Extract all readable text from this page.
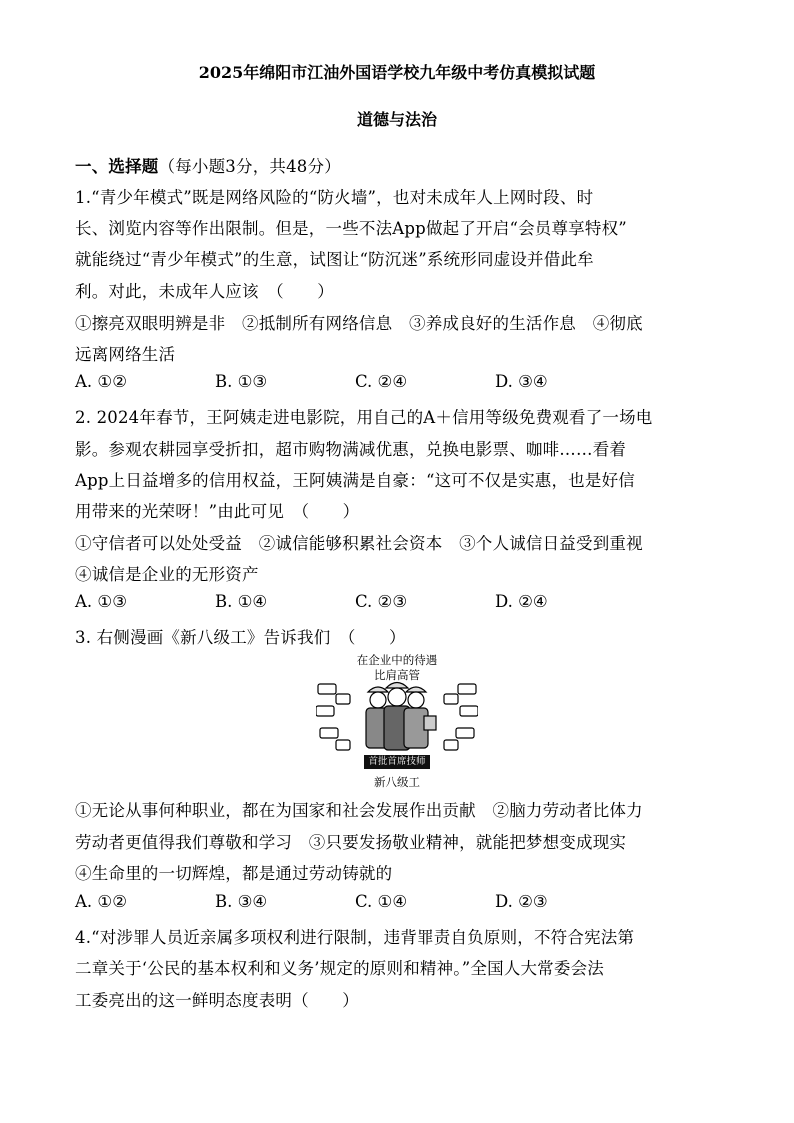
2025年绵阳市江油外国语学校九年级中考仿真模拟试题
道德与法治
一、选择题（每小题3分，共48分）
1.“青少年模式”既是网络风险的“防火墙”，也对未成年人上网时段、时
长、浏览内容等作出限制。但是，一些不法App做起了开启“会员尊享特权”
就能绕过“青少年模式”的生意，试图让“防沉迷”系统形同虚设并借此牟
利。对此，未成年人应该　（　　）
①擦亮双眼明辨是非　②抵制所有网络信息　③养成良好的生活作息　④彻底
远离网络生活
A. ①②	B. ①③	C. ②④	D. ③④
2. 2024年春节，王阿姨走进电影院，用自己的A＋信用等级免费观看了一场电
影。参观农耕园享受折扣，超市购物满减优惠，兑换电影票、咖啡……看着
App上日益增多的信用权益，王阿姨满是自豪：“这可不仅是实惠，也是好信
用带来的光荣呀！”由此可见　（　　）
①守信者可以处处受益　②诚信能够积累社会资本　③个人诚信日益受到重视
④诚信是企业的无形资产
A. ①③	B. ①④	C. ②③	D. ②④
3. 右侧漫画《新八级工》告诉我们　（　　）
在企业中的待遇
比肩高管
首批首席技师
新八级工
①无论从事何种职业，都在为国家和社会发展作出贡献　②脑力劳动者比体力
劳动者更值得我们尊敬和学习　③只要发扬敬业精神，就能把梦想变成现实
④生命里的一切辉煌，都是通过劳动铸就的
A. ①②	B. ③④	C. ①④	D. ②③
4.“对涉罪人员近亲属多项权利进行限制，违背罪责自负原则，不符合宪法第
二章关于‘公民的基本权利和义务’规定的原则和精神。”全国人大常委会法
工委亮出的这一鲜明态度表明（　　）
